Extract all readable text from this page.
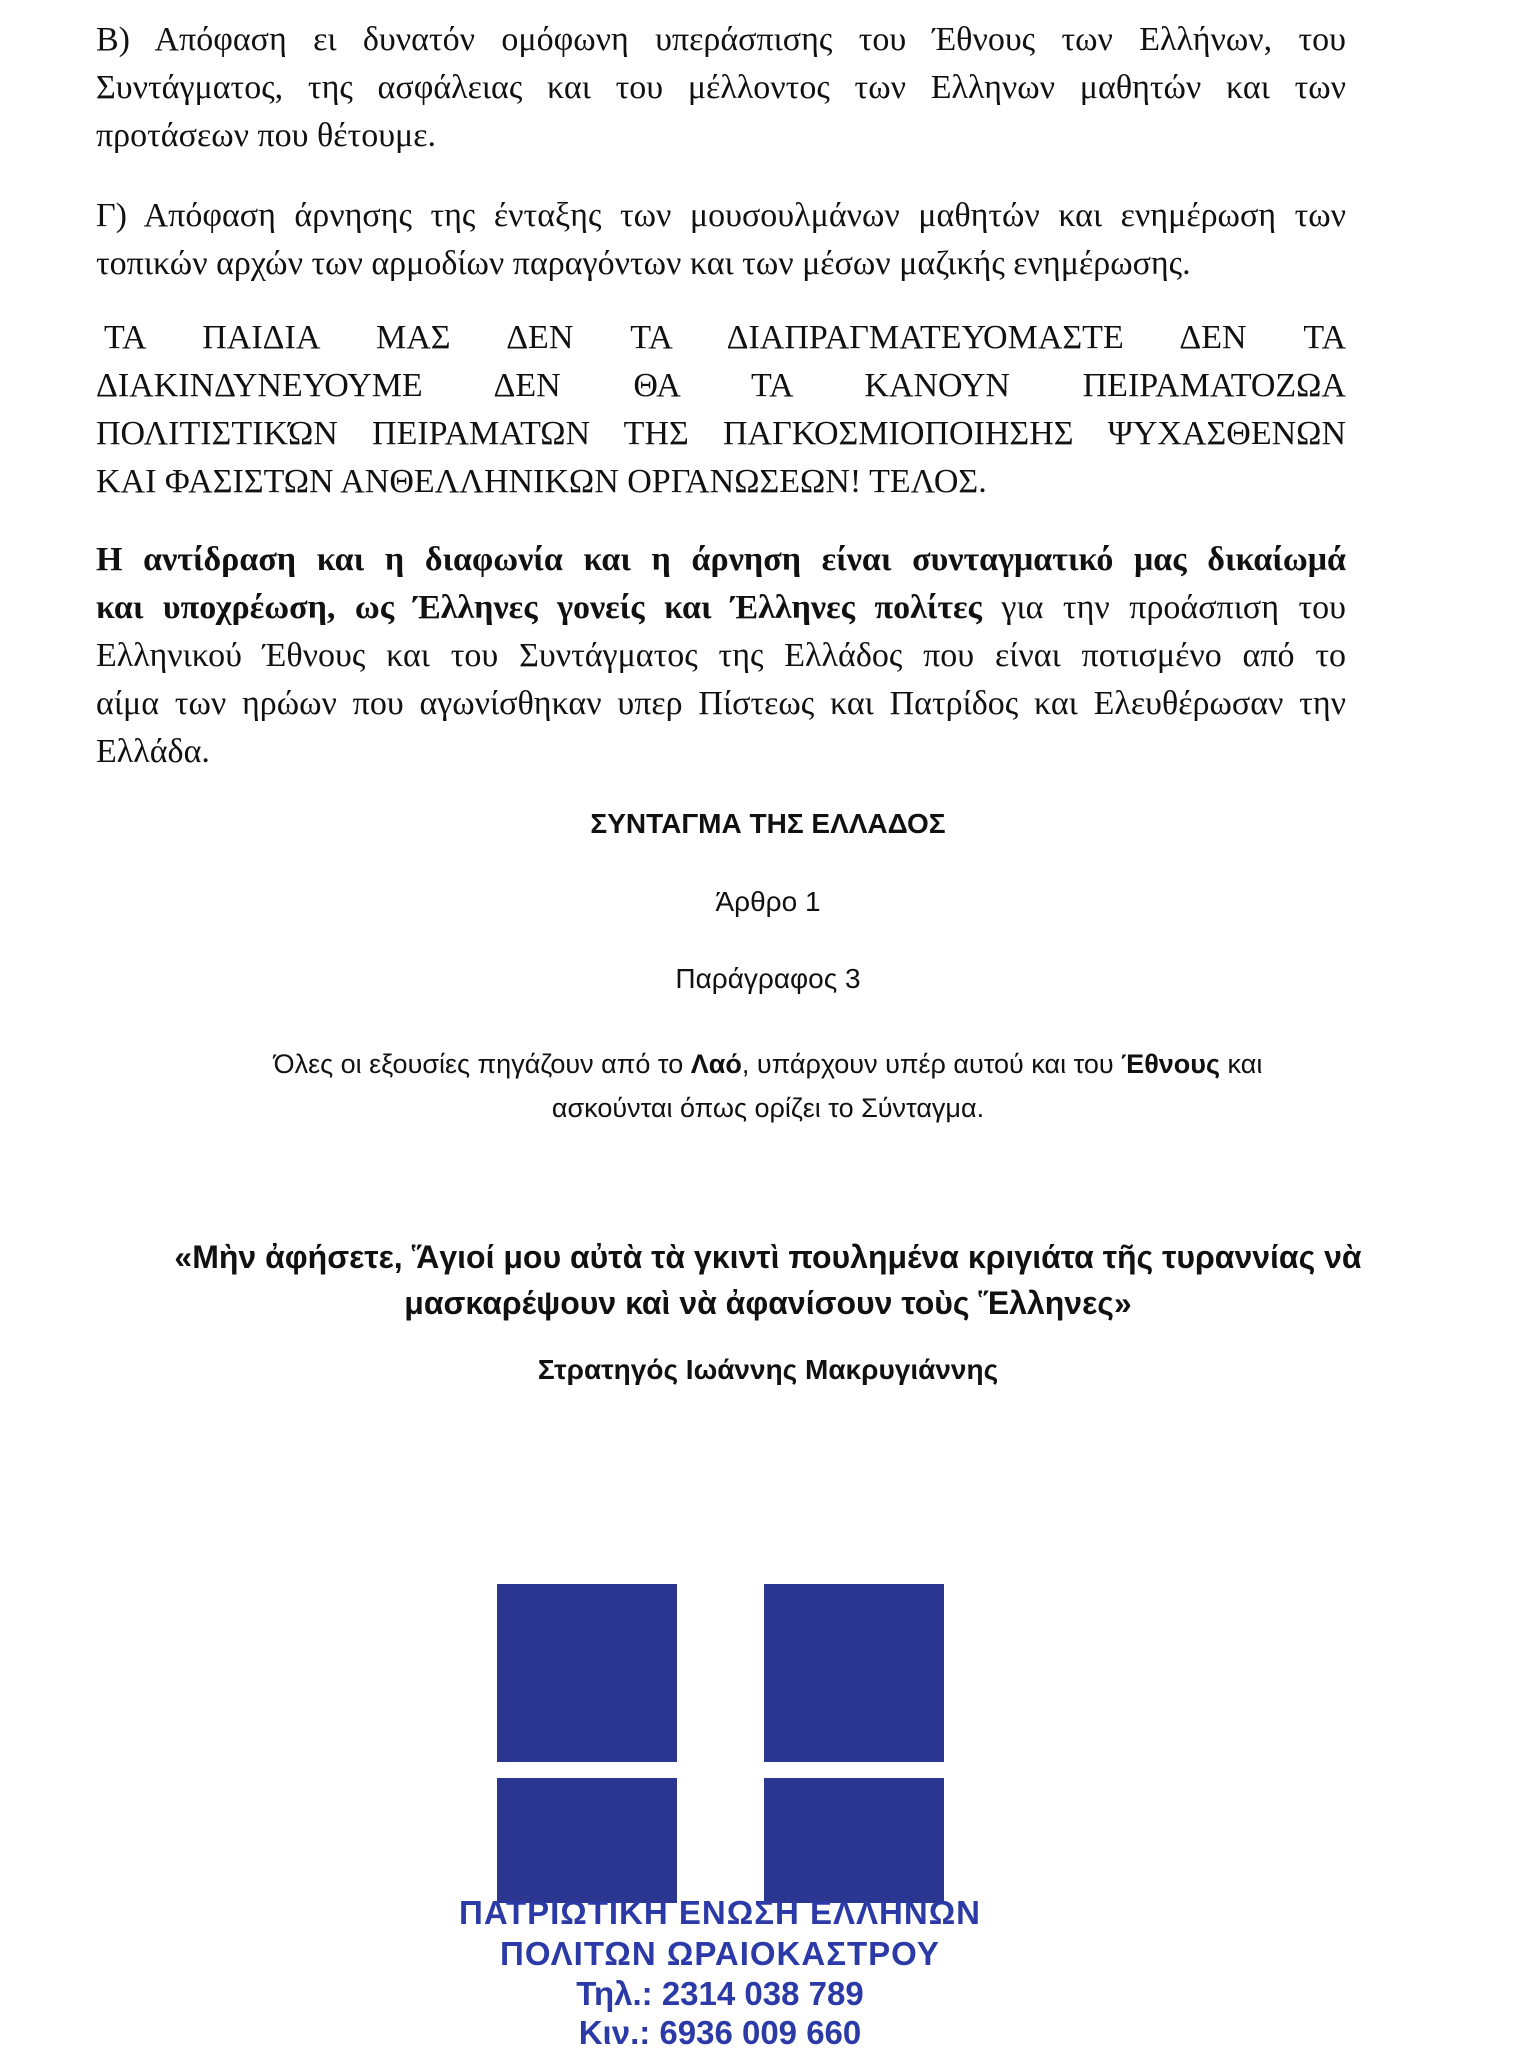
Β) Απόφαση ει δυνατόν ομόφωνη υπεράσπισης του Έθνους των Ελλήνων, του
Συντάγματος, της ασφάλειας και του μέλλοντος των Ελληνων μαθητών και των
προτάσεων που θέτουμε.
Γ) Απόφαση άρνησης της ένταξης των μουσουλμάνων μαθητών και ενημέρωση των
τοπικών αρχών των αρμοδίων παραγόντων και των μέσων μαζικής ενημέρωσης.
ΤΑ ΠΑΙΔΙΑ ΜΑΣ ΔΕΝ ΤΑ ΔΙΑΠΡΑΓΜΑΤΕΥΟΜΑΣΤΕ ΔΕΝ ΤΑ
ΔΙΑΚΙΝΔΥΝΕΥΟΥΜΕ ΔΕΝ ΘΑ ΤΑ ΚΑΝΟΥΝ ΠΕΙΡΑΜΑΤΟΖΩΑ
ΠΟΛΙΤΙΣΤΙΚΏΝ ΠΕΙΡΑΜΑΤΩΝ ΤΗΣ ΠΑΓΚΟΣΜΙΟΠΟΙΗΣΗΣ ΨΥΧΑΣΘΕΝΩΝ
ΚΑΙ ΦΑΣΙΣΤΩΝ ΑΝΘΕΛΛΗΝΙΚΩΝ ΟΡΓΑΝΩΣΕΩΝ! ΤΕΛΟΣ.
Η αντίδραση και η διαφωνία και η άρνηση είναι συνταγματικό μας δικαίωμά
και υποχρέωση, ως Έλληνες γονείς και Έλληνες πολίτες για την προάσπιση του
Ελληνικού Έθνους και του Συντάγματος της Ελλάδος που είναι ποτισμένο από το
αίμα των ηρώων που αγωνίσθηκαν υπερ Πίστεως και Πατρίδος και Ελευθέρωσαν την
Ελλάδα.

ΣΥΝΤΑΓΜΑ ΤΗΣ ΕΛΛΑΔΟΣ

Άρθρο 1

Παράγραφος 3

Όλες οι εξουσίες πηγάζουν από το Λαό, υπάρχουν υπέρ αυτού και του Έθνους και
ασκούνται όπως ορίζει το Σύνταγμα.

«Μὴν ἀφήσετε, Ἅγιοί μου αὐτὰ τὰ γκιντὶ πουλημένα κριγιάτα τῆς τυραννίας νὰ
μασκαρέψουν καὶ νὰ ἀφανίσουν τοὺς Ἕλληνες»

Στρατηγός Ιωάννης Μακρυγιάννης

ΠΑΤΡΙΩΤΙΚΗ ΕΝΩΣΗ ΕΛΛΗΝΩΝ

ΠΟΛΙΤΩΝ ΩΡΑΙΟΚΑΣΤΡΟΥ

Τηλ.: 2314 038 789

Κιν.: 6936 009 660
